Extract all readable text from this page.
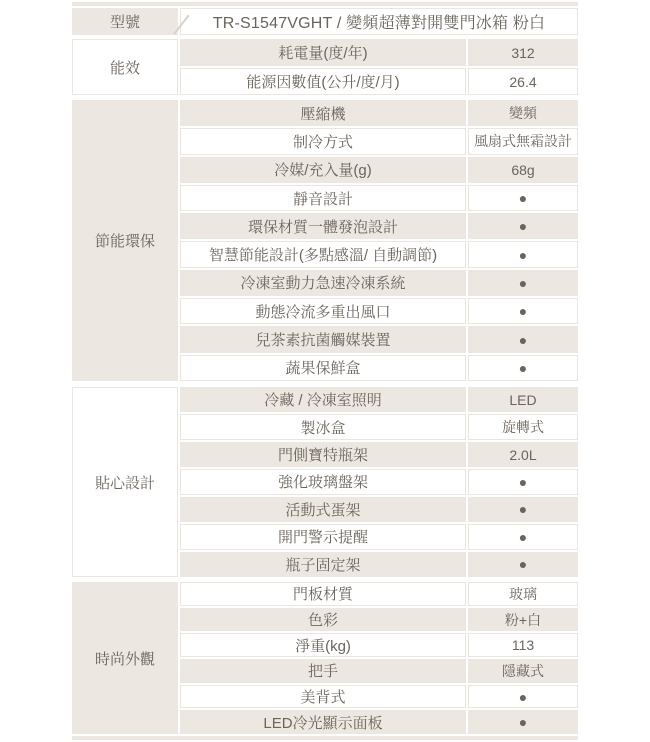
型號	TR-S1547VGHT / 變頻超薄對開雙門冰箱 粉白
能效
耗電量(度/年)	312
能源因數值(公升/度/月)	26.4
節能環保
壓縮機	變頻
制冷方式	風扇式無霜設計
冷媒/充入量(g)	68g
靜音設計	●
環保材質一體發泡設計	●
智慧節能設計(多點感溫/ 自動調節)	●
冷凍室動力急速冷凍系統	●
動態冷流多重出風口	●
兒茶素抗菌觸媒裝置	●
蔬果保鮮盒	●
貼心設計
冷藏 / 冷凍室照明	LED
製冰盒	旋轉式
門側寶特瓶架	2.0L
強化玻璃盤架	●
活動式蛋架	●
開門警示提醒	●
瓶子固定架	●
時尚外觀
門板材質	玻璃
色彩	粉+白
淨重(kg)	113
把手	隱藏式
美背式	●
LED冷光顯示面板	●
